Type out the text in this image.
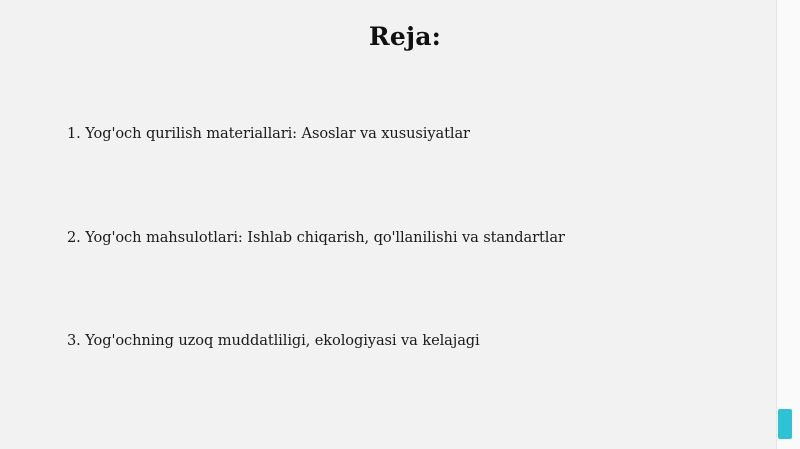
Reja:
1. Yog'och qurilish materiallari: Asoslar va xususiyatlar
2. Yog'och mahsulotlari: Ishlab chiqarish, qo'llanilishi va standartlar
3. Yog'ochning uzoq muddatliligi, ekologiyasi va kelajagi
